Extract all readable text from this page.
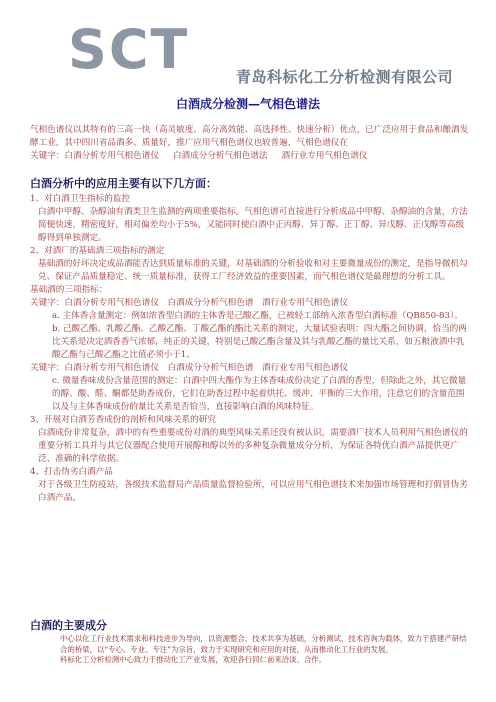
SCT	青岛科标化工分析检测有限公司
白酒成分检测—气相色谱法

气相色谱仪以其特有的三高一快（高灵敏度、高分离效能、高选择性、快速分析）优点，已广泛应用于食品和酿酒发酵工业，其中四川省品酒多、质量好，推广应用气相色谱仪也较普遍，气相色谱仪在

关键字：白酒分析专用气相色谱仪 白酒成分分析气相色谱法 酒行业专用气相色谱仪
白酒分析中的应用主要有以下几方面：

1、对白酒卫生指标的监控

白酒中甲醇、杂醇油有酒类卫生监测的两项重要指标。气相色谱可直接进行分析成品中甲醇、杂醇油的含量，方法简便快速，精密度好，相对偏差均小于5%，又能同时使白酒中正丙醇、异丁醇、正丁醇、异戊醇、正戊醇等高级醇得到单独测定。

2、对酒厂的基础酒三项指标的测定

基础酒的好坏决定成品酒能否达到质量标准的关键，对基础酒的分析验收和对主要微量成份的测定，是指导微机勾兑、保证产品质量稳定、统一质量标准，获得工厂经济效益的重要因素，而气相色谱仪是最理想的分析工具。

基础酒的三项指标：

关键字：白酒分析专用气相色谱仪　白酒成分分析气相色谱　酒行业专用气相色谱仪

a. 主体香含量测定：例如浓香型白酒的主体香是己酸乙酯，已被轻工部纳入浓香型白酒标准（QB850-83）。

b. 己酸乙酯、乳酸乙酯、乙酸乙酯、丁酸乙酯的酯比关系的测定，大量试验表明：四大酯之间协调，恰当的两比关系是决定酒香香气浓郁，纯正的关键，特别是己酸乙酯含量及其与乳酸乙酯的量比关系，如五粮液酒中乳酸乙酯与己酸乙酯之比值必须小于1。

关键字：白酒分析专用气相色谱仪　白酒成分分析气相色谱　酒行业专用气相色谱仪

c. 微量香味成份含量范围的测定：白酒中四大酯作为主体香味成份决定了白酒的香型，但除此之外，其它微量的醇、酸、醛、酮都是助香成份，它们在助香过程中起着烘托、缓冲、平衡的三大作用，注意它们的含量范围以及与主体香味成份的量比关系是否恰当，直接影响白酒的风味特征。

3、开展对白酒芳香成份的剖析和风味关系的研究

白酒成份非常复杂，酒中的有些重要成份对酒的典型风味关系还没有被认识，需要酒厂技术人员利用气相色谱仪的重要分析工具并与其它仪器配合使用开展醇和醇以外的多种复杂微量成分分析，为保证各特优白酒产品提供更广泛、准确的科学依据。

4、打击伪劣白酒产品

对于各级卫生防疫站，各级技术监督局产品质量监督检验所，可以应用气相色谱技术来加强市场管理和打假冒伪劣白酒产品。

白酒的主要成分

中心以化工行业技术需求和科技进步为导向，以资源整合、技术共享为基础，分析测试、技术咨询为载体，致力于搭建产研结合的桥梁，以“专心、专业、专注”为宗旨，致力于实现研究和应用的对接，从而推动化工行业的发展。

科标化工分析检测中心致力于推动化工产业发展，欢迎各行同仁前来洽谈、合作。
